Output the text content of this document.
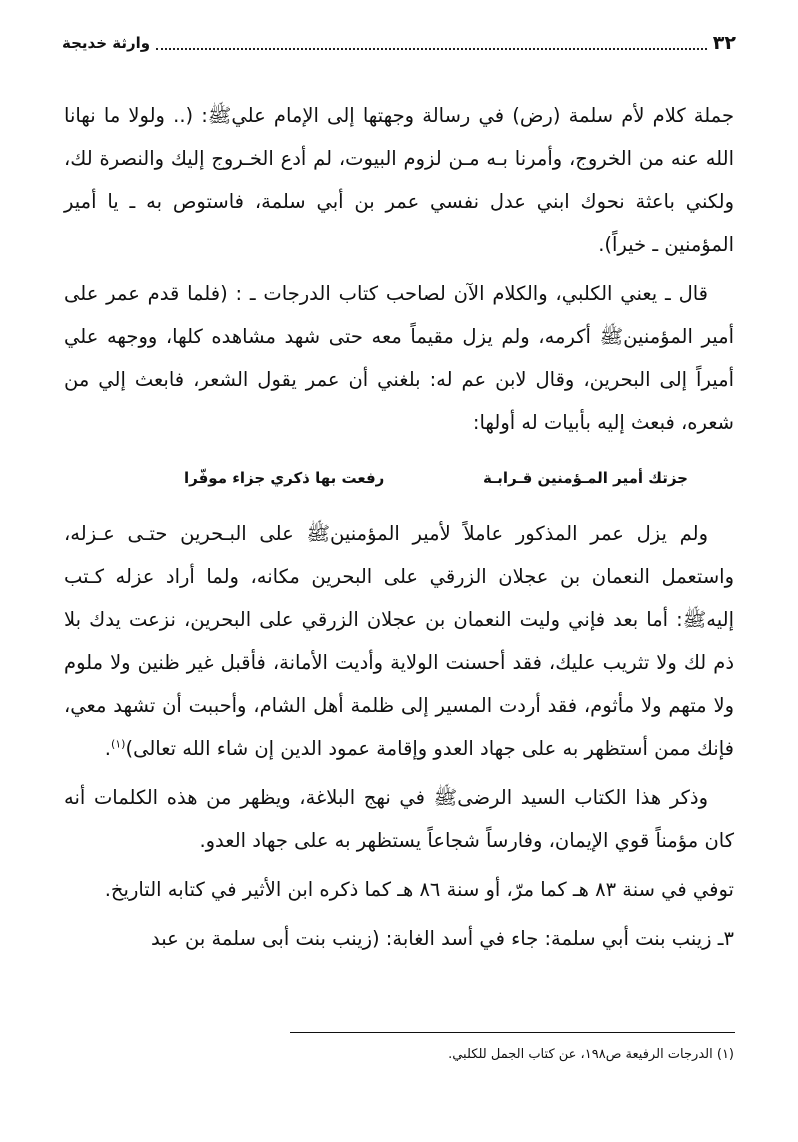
٣٢
وارثة خديجة

جملة كلام لأم سلمة (رض) في رسالة وجهتها إلى الإمام عليﷺ: (.. ولولا ما نهانا الله عنه من الخروج، وأمرنا بـه مـن لزوم البيوت، لم أدع الخـروج إليك والنصرة لك، ولكني باعثة نحوك ابني عدل نفسي عمر بن أبي سلمة، فاستوص به ـ يا أمير المؤمنين ـ خيراً).

قال ـ يعني الكلبي، والكلام الآن لصاحب كتاب الدرجات ـ : (فلما قدم عمر على أمير المؤمنينﷺ أكرمه، ولم يزل مقيماً معه حتى شهد مشاهده كلها، ووجهه علي أميراً إلى البحرين، وقال لابن عم له: بلغني أن عمر يقول الشعر، فابعث إلي من شعره، فبعث إليه بأبيات له أولها:

جزتك أمير المـؤمنين قـرابـة
رفعت بها ذكري جزاء موفّرا

ولم يزل عمر المذكور عاملاً لأمير المؤمنينﷺ على البـحرين حتـى عـزله، واستعمل النعمان بن عجلان الزرقي على البحرين مكانه، ولما أراد عزله كـتب إليهﷺ: أما بعد فإني وليت النعمان بن عجلان الزرقي على البحرين، نزعت يدك بلا ذم لك ولا تثريب عليك، فقد أحسنت الولاية وأديت الأمانة، فأقبل غير ظنين ولا ملوم ولا متهم ولا مأثوم، فقد أردت المسير إلى ظلمة أهل الشام، وأحببت أن تشهد معي، فإنك ممن أستظهر به على جهاد العدو وإقامة عمود الدين إن شاء الله تعالى)$^{(١)}$.

وذكر هذا الكتاب السيد الرضىﷺ في نهج البلاغة، ويظهر من هذه الكلمات أنه كان مؤمناً قوي الإيمان، وفارساً شجاعاً يستظهر به على جهاد العدو.

توفي في سنة ٨٣ هـ كما مرّ، أو سنة ٨٦ هـ كما ذكره ابن الأثير في كتابه التاريخ.

٣ـ زينب بنت أبي سلمة: جاء في أسد الغابة: (زينب بنت أبى سلمة بن عبد

(١) الدرجات الرفيعة ص١٩٨، عن كتاب الجمل للكلبي.
